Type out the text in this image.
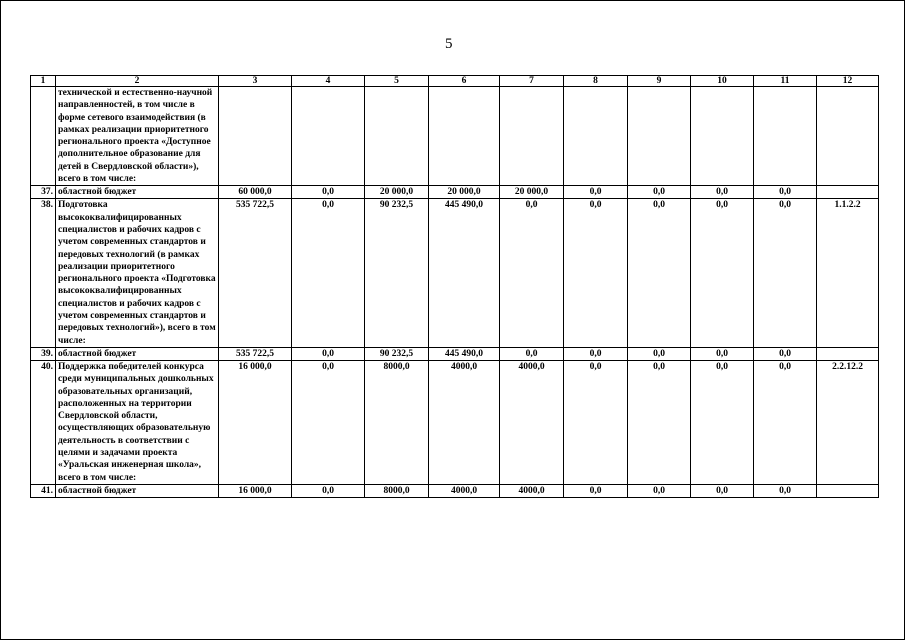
5
1	2	3	4	5	6	7	8	9	10	11	12
	технической и естественно-научной направленностей, в том числе в форме сетевого взаимодействия (в рамках реализации приоритетного регионального проекта «Доступное дополнительное образование для детей в Свердловской области»), всего в том числе:										
37.	областной бюджет	60 000,0	0,0	20 000,0	20 000,0	20 000,0	0,0	0,0	0,0	0,0	
38.	Подготовка высококвалифицированных специалистов и рабочих кадров с учетом современных стандартов и передовых технологий (в рамках реализации приоритетного регионального проекта «Подготовка высококвалифицированных специалистов и рабочих кадров с учетом современных стандартов и передовых технологий»), всего в том числе:	535 722,5	0,0	90 232,5	445 490,0	0,0	0,0	0,0	0,0	0,0	1.1.2.2
39.	областной бюджет	535 722,5	0,0	90 232,5	445 490,0	0,0	0,0	0,0	0,0	0,0	
40.	Поддержка победителей конкурса среди муниципальных дошкольных образовательных организаций, расположенных на территории Свердловской области, осуществляющих образовательную деятельность в соответствии с целями и задачами проекта «Уральская инженерная школа», всего в том числе:	16 000,0	0,0	8000,0	4000,0	4000,0	0,0	0,0	0,0	0,0	2.2.12.2
41.	областной бюджет	16 000,0	0,0	8000,0	4000,0	4000,0	0,0	0,0	0,0	0,0	
